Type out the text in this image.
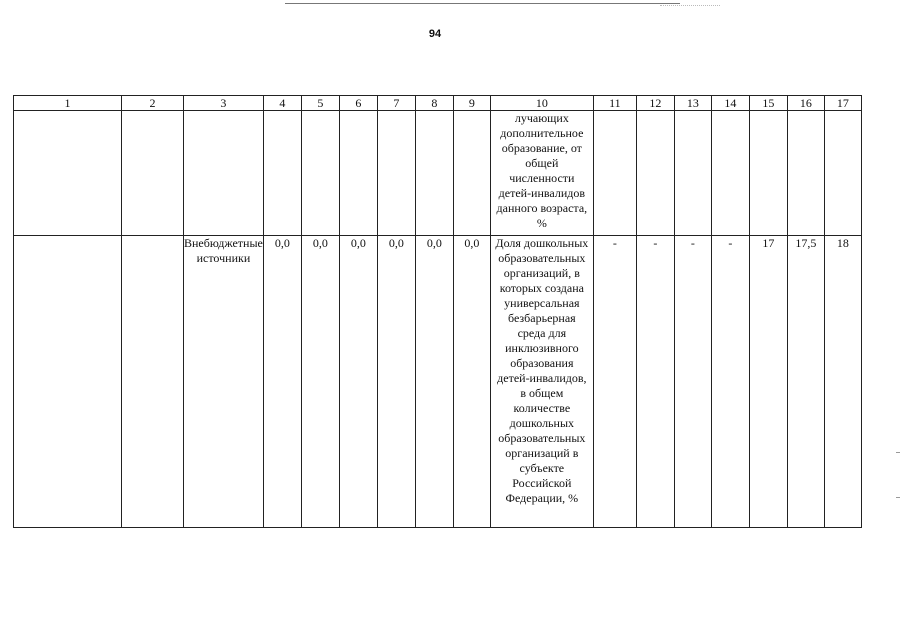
94
1	2	3	4	5	6	7	8	9	10	11	12	13	14	15	16	17
									лучающих дополнительное образование, от общей численности детей-инвалидов данного возраста, %							
		Внебюджетные источники	0,0	0,0	0,0	0,0	0,0	0,0	Доля дошкольных образовательных организаций, в которых создана универсальная безбарьерная среда для инклюзивного образования детей-инвалидов, в общем количестве дошкольных образовательных организаций в субъекте Российской Федерации, %	-	-	-	-	17	17,5	18
